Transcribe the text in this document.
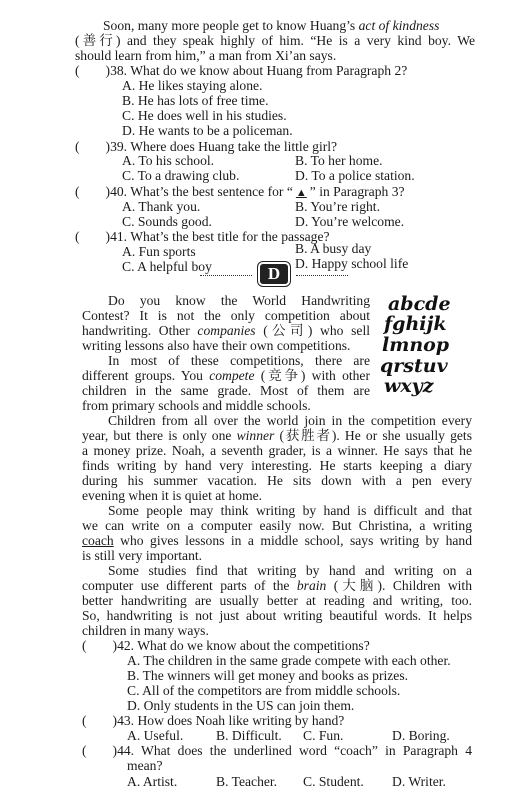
Soon, many more people get to know Huang’s act of kindness
(善行) and they speak highly of him. “He is a very kind boy. We
should learn from him,” a man from Xi’an says.
( )38. What do we know about Huang from Paragraph 2?
A. He likes staying alone.
B. He has lots of free time.
C. He does well in his studies.
D. He wants to be a policeman.
( )39. Where does Huang take the little girl?
A. To his school.	B. To her home.
C. To a drawing club.	D. To a police station.
( )40. What’s the best sentence for “ ▲ ” in Paragraph 3?
A. Thank you.	B. You’re right.
C. Sounds good.	D. You’re welcome.
( )41. What’s the best title for the passage?
A. Fun sports	B. A busy day
C. A helpful boy	D. Happy school life
D
abcde
fghijk
lmnop
qrstuv
wxyz
Do you know the World Handwriting
Contest? It is not the only competition about
handwriting. Other companies (公司) who sell
writing lessons also have their own competitions.
In most of these competitions, there are
different groups. You compete (竞争) with other
children in the same grade. Most of them are
from primary schools and middle schools.
Children from all over the world join in the competition every
year, but there is only one winner (获胜者). He or she usually gets
a money prize. Noah, a seventh grader, is a winner. He says that he
finds writing by hand very interesting. He starts keeping a diary
during his summer vacation. He sits down with a pen every
evening when it is quiet at home.
Some people may think writing by hand is difficult and that
we can write on a computer easily now. But Christina, a writing
coach who gives lessons in a middle school, says writing by hand
is still very important.
Some studies find that writing by hand and writing on a
computer use different parts of the brain (大脑). Children with
better handwriting are usually better at reading and writing, too.
So, handwriting is not just about writing beautiful words. It helps
children in many ways.
( )42. What do we know about the competitions?
A. The children in the same grade compete with each other.
B. The winners will get money and books as prizes.
C. All of the competitors are from middle schools.
D. Only students in the US can join them.
( )43. How does Noah like writing by hand?
A. Useful. B. Difficult. C. Fun.	D. Boring.
( )44. What does the underlined word “coach” in Paragraph 4
mean?
A. Artist.	B. Teacher. C. Student. D. Writer.
